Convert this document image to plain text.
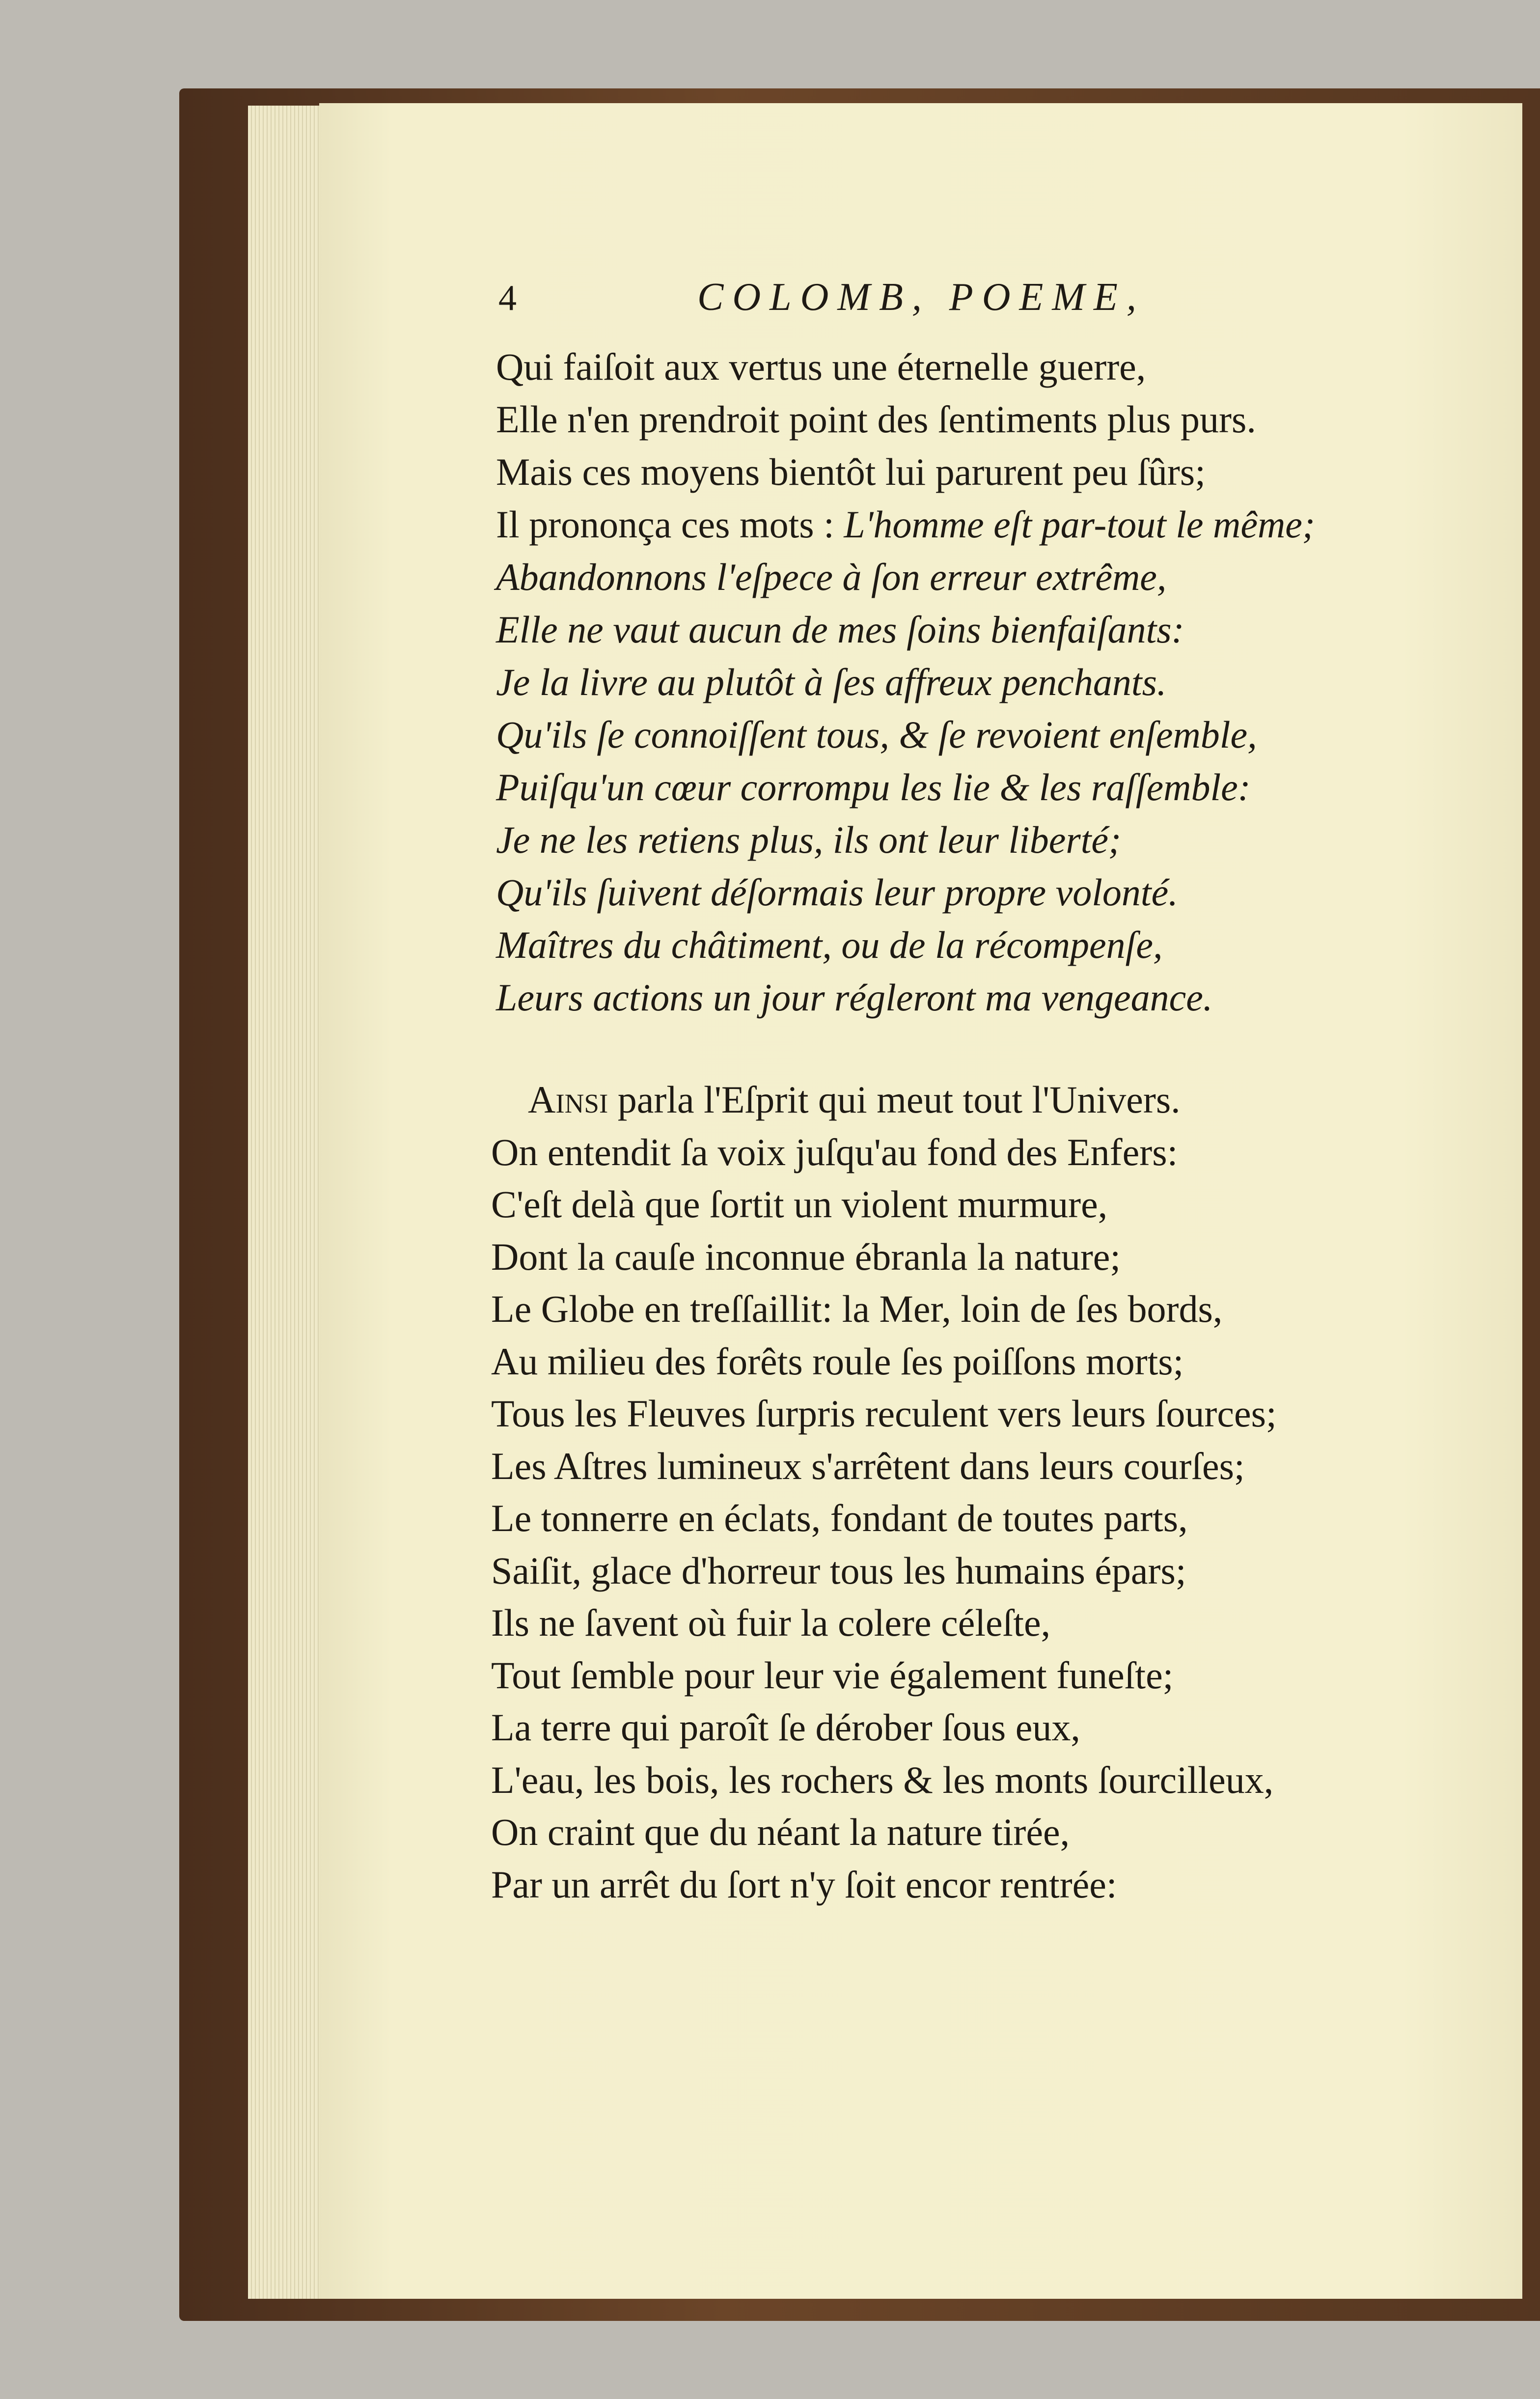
4	COLOMB, POEME,
Qui faiſoit aux vertus une éternelle guerre,
Elle n'en prendroit point des ſentiments plus purs.
Mais ces moyens bientôt lui parurent peu ſûrs;
Il prononça ces mots : L'homme eſt par-tout le même;
Abandonnons l'eſpece à ſon erreur extrême,
Elle ne vaut aucun de mes ſoins bienfaiſants:
Je la livre au plutôt à ſes affreux penchants.
Qu'ils ſe connoiſſent tous, & ſe revoient enſemble,
Puiſqu'un cœur corrompu les lie & les raſſemble:
Je ne les retiens plus, ils ont leur liberté;
Qu'ils ſuivent déſormais leur propre volonté.
Maîtres du châtiment, ou de la récompenſe,
Leurs actions un jour régleront ma vengeance.
Ainsi parla l'Eſprit qui meut tout l'Univers.
On entendit ſa voix juſqu'au fond des Enfers:
C'eſt delà que ſortit un violent murmure,
Dont la cauſe inconnue ébranla la nature;
Le Globe en treſſaillit: la Mer, loin de ſes bords,
Au milieu des forêts roule ſes poiſſons morts;
Tous les Fleuves ſurpris reculent vers leurs ſources;
Les Aſtres lumineux s'arrêtent dans leurs courſes;
Le tonnerre en éclats, fondant de toutes parts,
Saiſit, glace d'horreur tous les humains épars;
Ils ne ſavent où fuir la colere céleſte,
Tout ſemble pour leur vie également funeſte;
La terre qui paroît ſe dérober ſous eux,
L'eau, les bois, les rochers & les monts ſourcilleux,
On craint que du néant la nature tirée,
Par un arrêt du ſort n'y ſoit encor rentrée:
